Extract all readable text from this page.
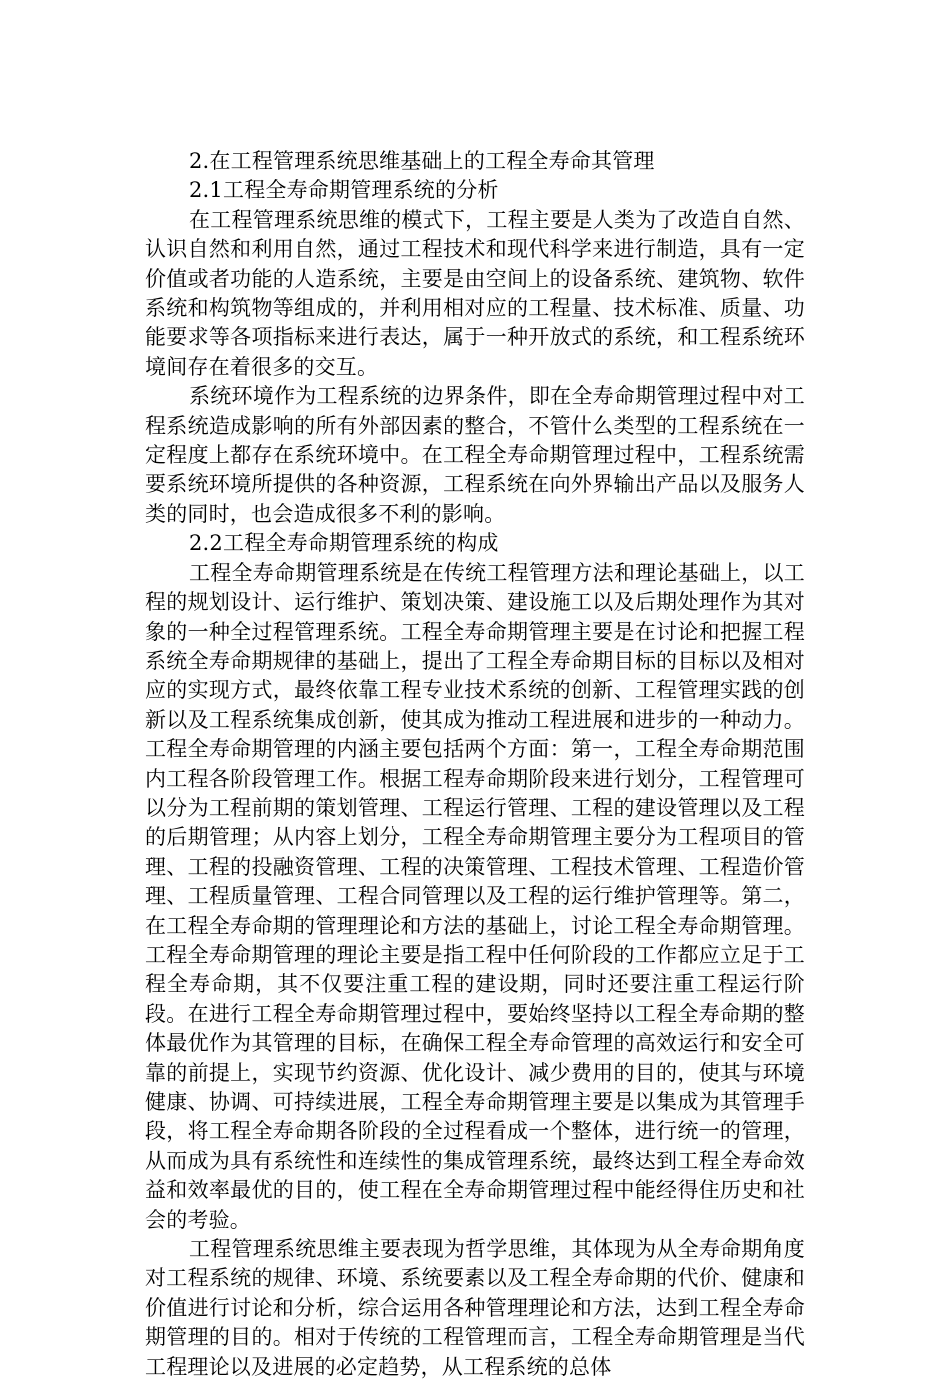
2.在工程管理系统思维基础上的工程全寿命其管理

2.1工程全寿命期管理系统的分析

在工程管理系统思维的模式下，工程主要是人类为了改造自自然、认识自然和利用自然，通过工程技术和现代科学来进行制造，具有一定价值或者功能的人造系统，主要是由空间上的设备系统、建筑物、软件系统和构筑物等组成的，并利用相对应的工程量、技术标准、质量、功能要求等各项指标来进行表达，属于一种开放式的系统，和工程系统环境间存在着很多的交互。

系统环境作为工程系统的边界条件，即在全寿命期管理过程中对工程系统造成影响的所有外部因素的整合，不管什么类型的工程系统在一定程度上都存在系统环境中。在工程全寿命期管理过程中，工程系统需要系统环境所提供的各种资源，工程系统在向外界输出产品以及服务人类的同时，也会造成很多不利的影响。

2.2工程全寿命期管理系统的构成

工程全寿命期管理系统是在传统工程管理方法和理论基础上，以工程的规划设计、运行维护、策划决策、建设施工以及后期处理作为其对象的一种全过程管理系统。工程全寿命期管理主要是在讨论和把握工程系统全寿命期规律的基础上，提出了工程全寿命期目标的目标以及相对应的实现方式，最终依靠工程专业技术系统的创新、工程管理实践的创新以及工程系统集成创新，使其成为推动工程进展和进步的一种动力。工程全寿命期管理的内涵主要包括两个方面：第一，工程全寿命期范围内工程各阶段管理工作。根据工程寿命期阶段来进行划分，工程管理可以分为工程前期的策划管理、工程运行管理、工程的建设管理以及工程的后期管理；从内容上划分，工程全寿命期管理主要分为工程项目的管理、工程的投融资管理、工程的决策管理、工程技术管理、工程造价管理、工程质量管理、工程合同管理以及工程的运行维护管理等。第二，在工程全寿命期的管理理论和方法的基础上，讨论工程全寿命期管理。工程全寿命期管理的理论主要是指工程中任何阶段的工作都应立足于工程全寿命期，其不仅要注重工程的建设期，同时还要注重工程运行阶段。在进行工程全寿命期管理过程中，要始终坚持以工程全寿命期的整体最优作为其管理的目标，在确保工程全寿命管理的高效运行和安全可靠的前提上，实现节约资源、优化设计、减少费用的目的，使其与环境健康、协调、可持续进展，工程全寿命期管理主要是以集成为其管理手段，将工程全寿命期各阶段的全过程看成一个整体，进行统一的管理，从而成为具有系统性和连续性的集成管理系统，最终达到工程全寿命效益和效率最优的目的，使工程在全寿命期管理过程中能经得住历史和社会的考验。

工程管理系统思维主要表现为哲学思维，其体现为从全寿命期角度对工程系统的规律、环境、系统要素以及工程全寿命期的代价、健康和价值进行讨论和分析，综合运用各种管理理论和方法，达到工程全寿命期管理的目的。相对于传统的工程管理而言，工程全寿命期管理是当代工程理论以及进展的必定趋势，从工程系统的总体
